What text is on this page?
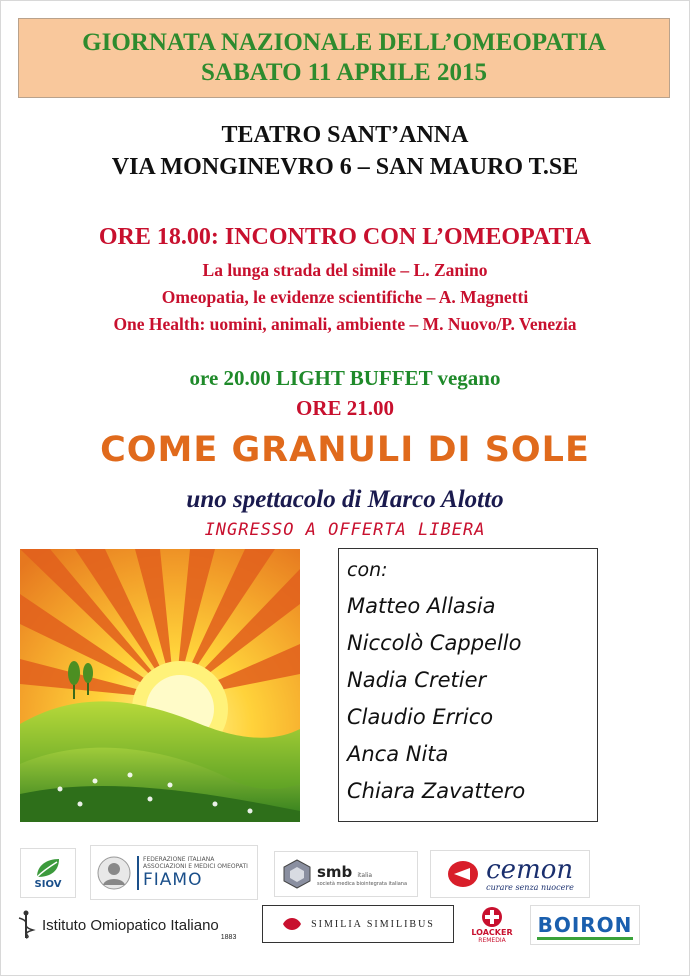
GIORNATA NAZIONALE DELL’OMEOPATIA
SABATO 11 APRILE 2015
TEATRO SANT’ANNA
VIA MONGINEVRO 6 – SAN MAURO T.SE
ORE 18.00: INCONTRO CON L’OMEOPATIA
La lunga strada del simile – L. Zanino
Omeopatia, le evidenze scientifiche – A. Magnetti
One Health: uomini, animali, ambiente – M. Nuovo/P. Venezia
ore 20.00 LIGHT BUFFET vegano
ORE 21.00
COME GRANULI DI SOLE
uno spettacolo di Marco Alotto
INGRESSO A OFFERTA LIBERA
con:
Matteo Allasia
Niccolò Cappello
Nadia Cretier
Claudio Errico
Anca Nita
Chiara Zavattero
SIOV
FEDERAZIONE ITALIANA ASSOCIAZIONI E MEDICI OMEOPATI
FIAMO	smb italia
società medica biointegrata italiana	cemon
curare senza nuocere
Istituto Omiopatico Italiano
1883
SIMILIA SIMILIBUS
LOACKER
REMEDIA
BOIRON
